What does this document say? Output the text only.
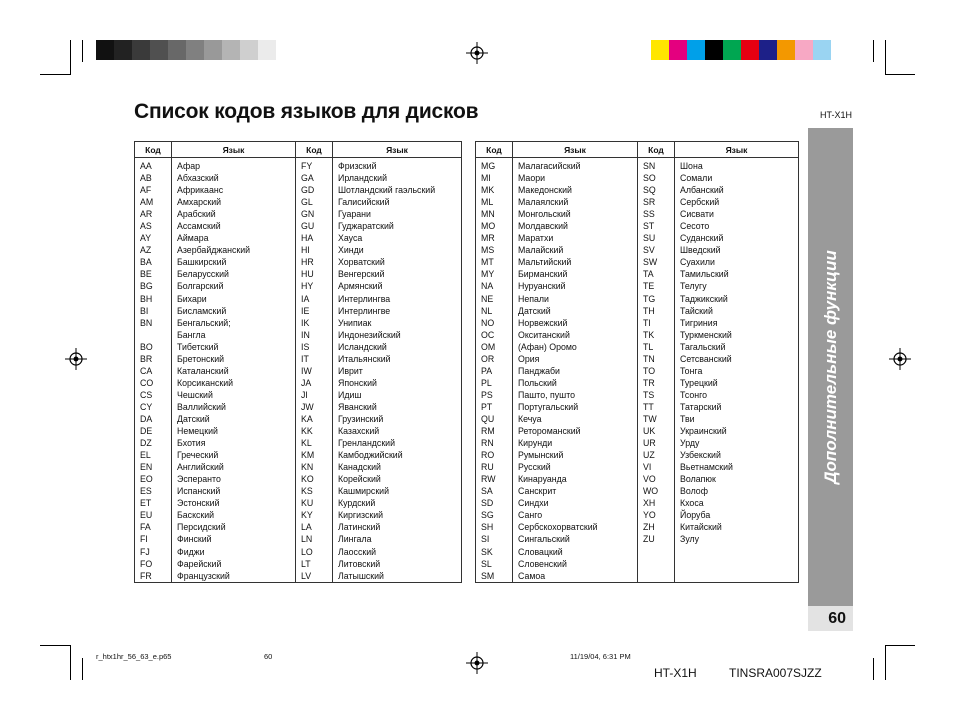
Список кодов языков для дисков	HT-X1H
Код	Язык	Код	Язык
AA	Афар	FY	Фризский
AB	Абхазский	GA	Ирландский
AF	Африкаанс	GD	Шотландский гаэльский
AM	Амхарский	GL	Галисийский
AR	Арабский	GN	Гуарани
AS	Ассамский	GU	Гуджаратский
AY	Аймара	HA	Хауса
AZ	Азербайджанский	HI	Хинди
BA	Башкирский	HR	Хорватский
BE	Беларусский	HU	Венгерский
BG	Болгарский	HY	Армянский
BH	Бихари	IA	Интерлингва
BI	Бисламский	IE	Интерлингве
BN	Бенгальский;	IK	Унипиак
	Бангла	IN	Индонезийский
BO	Тибетский	IS	Исландский
BR	Бретонский	IT	Итальянский
CA	Каталанский	IW	Иврит
CO	Корсиканский	JA	Японский
CS	Чешский	JI	Идиш
CY	Валлийский	JW	Яванский
DA	Датский	KA	Грузинский
DE	Немецкий	KK	Казахский
DZ	Бхотия	KL	Гренландский
EL	Греческий	KM	Камбоджийский
EN	Английский	KN	Канадский
EO	Эсперанто	KO	Корейский
ES	Испанский	KS	Кашмирский
ET	Эстонский	KU	Курдский
EU	Баскский	KY	Киргизский
FA	Персидский	LA	Латинский
FI	Финский	LN	Лингала
FJ	Фиджи	LO	Лаосский
FO	Фарейский	LT	Литовский
FR	Французский	LV	Латышский
Код	Язык	Код	Язык
MG	Малагасийский	SN	Шона
MI	Маори	SO	Сомали
MK	Македонский	SQ	Албанский
ML	Малаялский	SR	Сербский
MN	Монгольский	SS	Сисвати
MO	Молдавский	ST	Сесото
MR	Маратхи	SU	Суданский
MS	Малайский	SV	Шведский
MT	Мальтийский	SW	Суахили
MY	Бирманский	TA	Тамильский
NA	Нуруанский	TE	Телугу
NE	Непали	TG	Таджикский
NL	Датский	TH	Тайский
NO	Норвежский	TI	Тигриния
OC	Окситанский	TK	Туркменский
OM	(Афан) Оромо	TL	Тагальский
OR	Ория	TN	Сетсванский
PA	Панджаби	TO	Тонга
PL	Польский	TR	Турецкий
PS	Пашто, пушто	TS	Тсонго
PT	Португальский	TT	Татарский
QU	Кечуа	TW	Тви
RM	Ретороманский	UK	Украинский
RN	Кирунди	UR	Урду
RO	Румынский	UZ	Узбекский
RU	Русский	VI	Вьетнамский
RW	Кинаруанда	VO	Волапюк
SA	Санскрит	WO	Волоф
SD	Синдхи	XH	Кхоса
SG	Санго	YO	Йоруба
SH	Сербскохорватский	ZH	Китайский
SI	Сингальский	ZU	Зулу
SK	Словацкий		
SL	Словенский		
SM	Самоа		
Дополнительные функции
60
r_htx1hr_56_63_e.p65	60	11/19/04, 6:31 PM
HT-X1H	TINSRA007SJZZ
